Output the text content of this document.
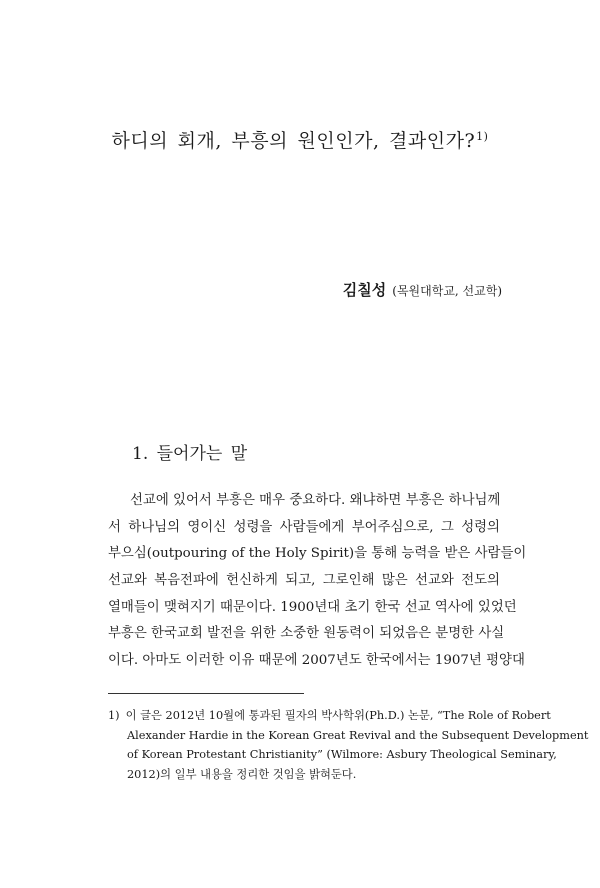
하디의 회개, 부흥의 원인인가, 결과인가?$^{1)}$
김칠성 (목원대학교, 선교학)
1. 들어가는 말
선교에 있어서 부흥은 매우 중요하다. 왜냐하면 부흥은 하나님께
서 하나님의 영이신 성령을 사람들에게 부어주심으로, 그 성령의
부으심(outpouring of the Holy Spirit)을 통해 능력을 받은 사람들이
선교와 복음전파에 헌신하게 되고, 그로인해 많은 선교와 전도의
열매들이 맺혀지기 때문이다. 1900년대 초기 한국 선교 역사에 있었던
부흥은 한국교회 발전을 위한 소중한 원동력이 되었음은 분명한 사실
이다. 아마도 이러한 이유 때문에 2007년도 한국에서는 1907년 평양대
1) 이 글은 2012년 10월에 통과된 필자의 박사학위(Ph.D.) 논문, “The Role of Robert
Alexander Hardie in the Korean Great Revival and the Subsequent Development
of Korean Protestant Christianity” (Wilmore: Asbury Theological Seminary,
2012)의 일부 내용을 정리한 것임을 밝혀둔다.
